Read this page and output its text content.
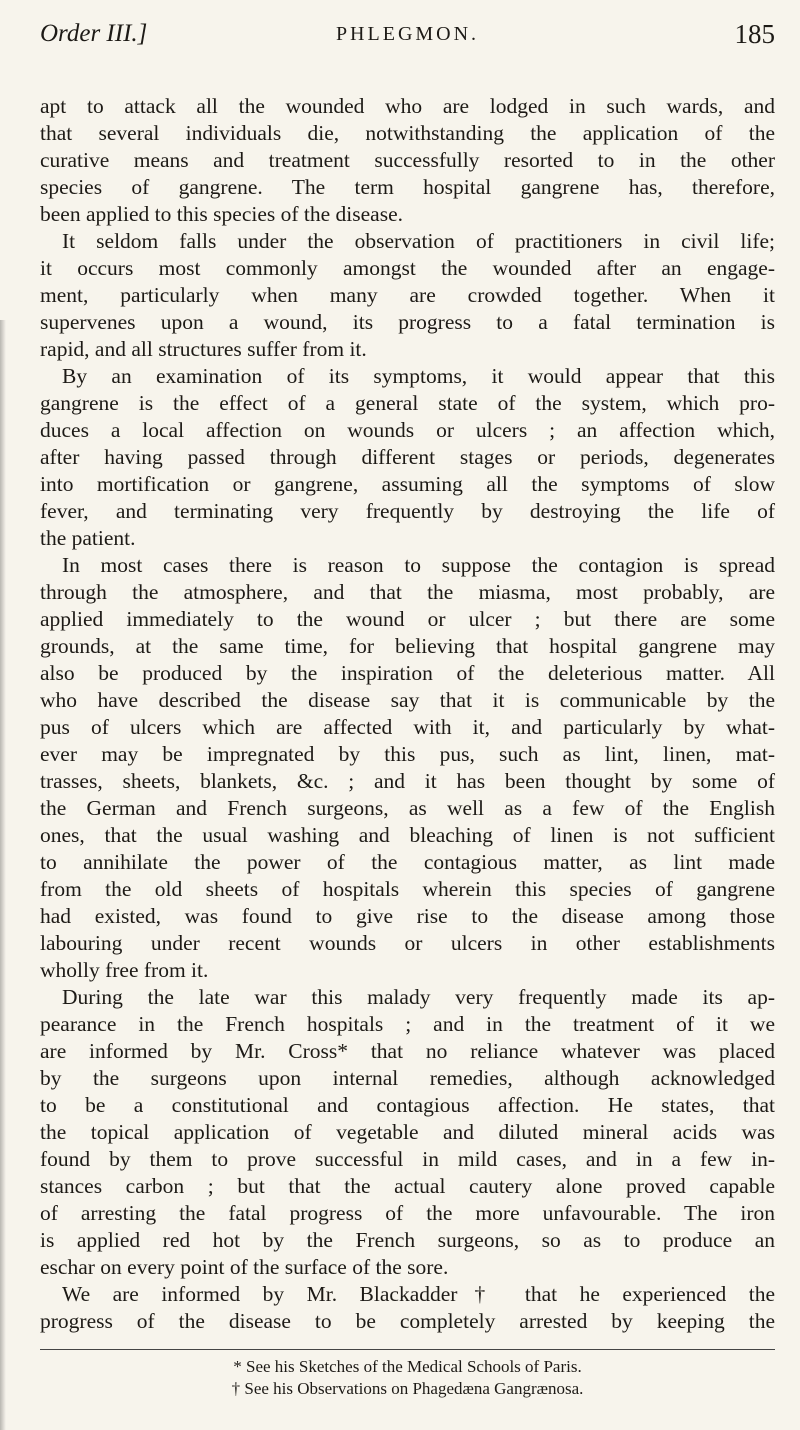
Order III.]	PHLEGMON.	185
apt to attack all the wounded who are lodged in such wards, and
that several individuals die, notwithstanding the application of the
curative means and treatment successfully resorted to in the other
species of gangrene. The term hospital gangrene has, therefore,
been applied to this species of the disease.
It seldom falls under the observation of practitioners in civil life;
it occurs most commonly amongst the wounded after an engage-
ment, particularly when many are crowded together. When it
supervenes upon a wound, its progress to a fatal termination is
rapid, and all structures suffer from it.
By an examination of its symptoms, it would appear that this
gangrene is the effect of a general state of the system, which pro-
duces a local affection on wounds or ulcers ; an affection which,
after having passed through different stages or periods, degenerates
into mortification or gangrene, assuming all the symptoms of slow
fever, and terminating very frequently by destroying the life of
the patient.
In most cases there is reason to suppose the contagion is spread
through the atmosphere, and that the miasma, most probably, are
applied immediately to the wound or ulcer ; but there are some
grounds, at the same time, for believing that hospital gangrene may
also be produced by the inspiration of the deleterious matter. All
who have described the disease say that it is communicable by the
pus of ulcers which are affected with it, and particularly by what-
ever may be impregnated by this pus, such as lint, linen, mat-
trasses, sheets, blankets, &c. ; and it has been thought by some of
the German and French surgeons, as well as a few of the English
ones, that the usual washing and bleaching of linen is not sufficient
to annihilate the power of the contagious matter, as lint made
from the old sheets of hospitals wherein this species of gangrene
had existed, was found to give rise to the disease among those
labouring under recent wounds or ulcers in other establishments
wholly free from it.
During the late war this malady very frequently made its ap-
pearance in the French hospitals ; and in the treatment of it we
are informed by Mr. Cross* that no reliance whatever was placed
by the surgeons upon internal remedies, although acknowledged
to be a constitutional and contagious affection. He states, that
the topical application of vegetable and diluted mineral acids was
found by them to prove successful in mild cases, and in a few in-
stances carbon ; but that the actual cautery alone proved capable
of arresting the fatal progress of the more unfavourable. The iron
is applied red hot by the French surgeons, so as to produce an
eschar on every point of the surface of the sore.
We are informed by Mr. Blackadder† that he experienced the
progress of the disease to be completely arrested by keeping the
* See his Sketches of the Medical Schools of Paris.
† See his Observations on Phagedæna Gangrænosa.
